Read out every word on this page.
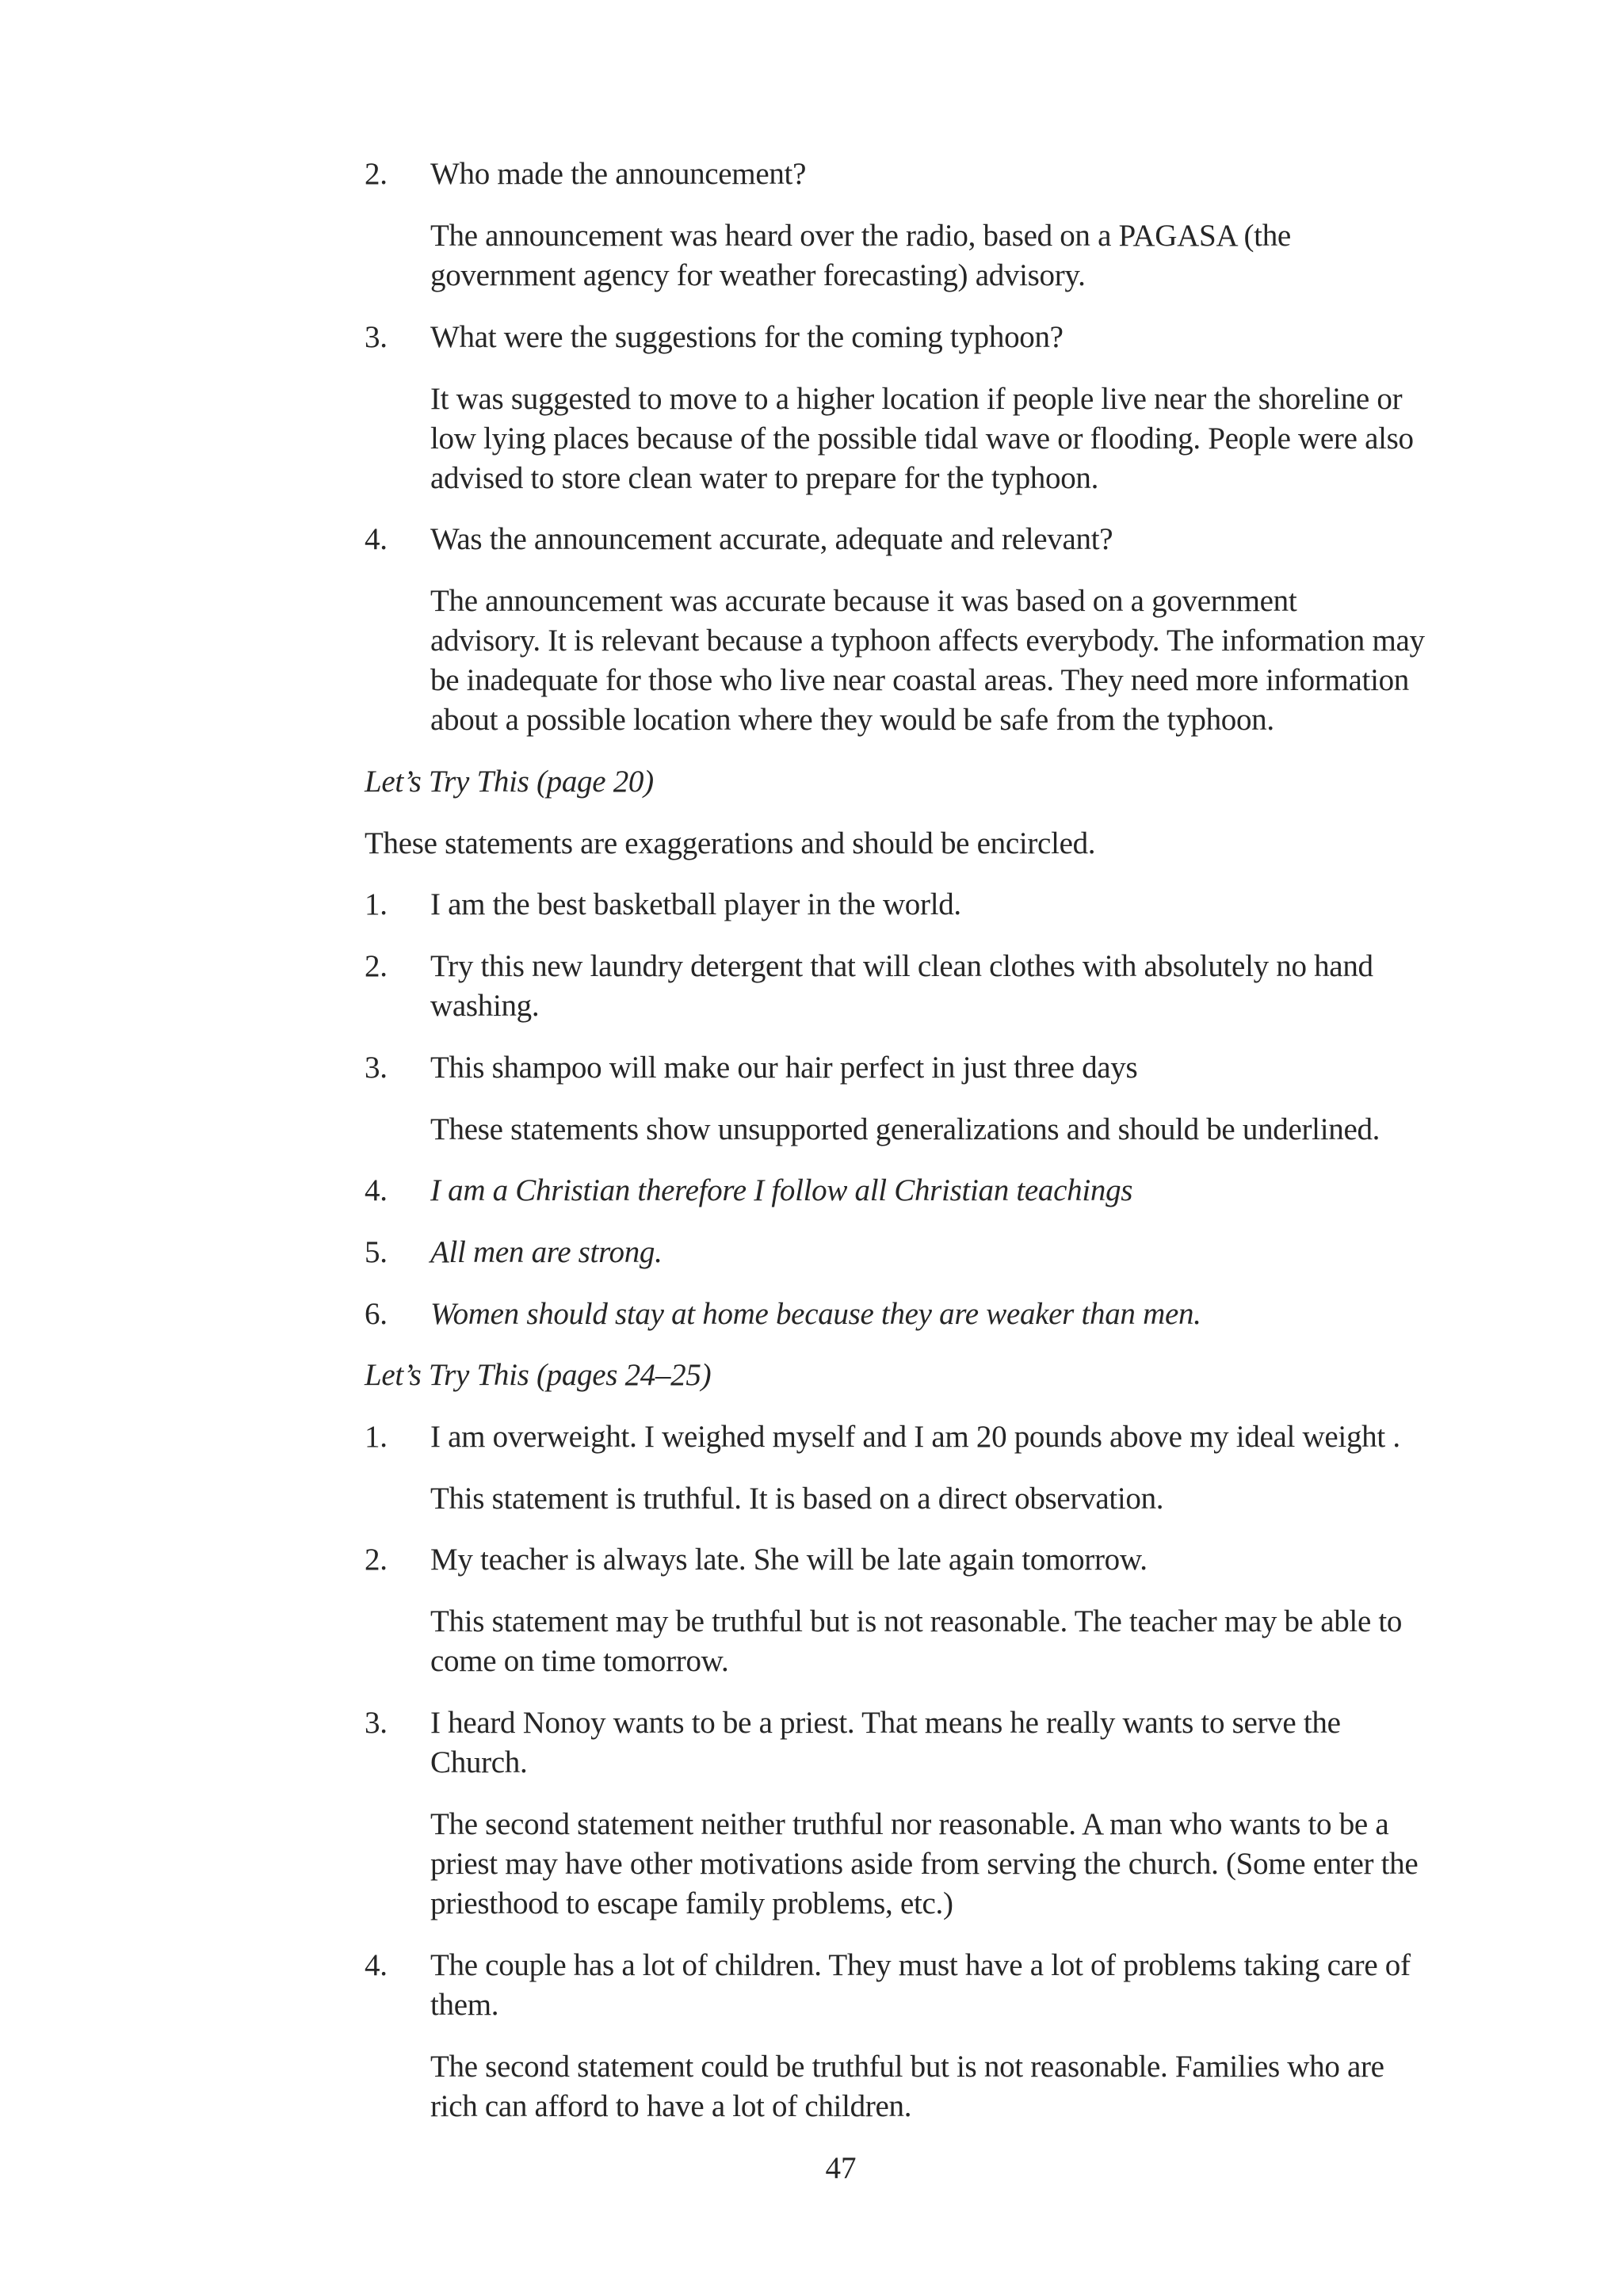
2. Who made the announcement?
The announcement was heard over the radio, based on a PAGASA (the
government agency for weather forecasting) advisory.
3. What were the suggestions for the coming typhoon?
It was suggested to move to a higher location if people live near the shoreline or
low lying places because of the possible tidal wave or flooding. People were also
advised to store clean water to prepare for the typhoon.
4. Was the announcement accurate, adequate and relevant?
The announcement was accurate because it was based on a government
advisory. It is relevant because a typhoon affects everybody. The information may
be inadequate for those who live near coastal areas. They need more information
about a possible location where they would be safe from the typhoon.
Let’s Try This (page 20)
These statements are exaggerations and should be encircled.
1. I am the best basketball player in the world.
2. Try this new laundry detergent that will clean clothes with absolutely no hand
washing.
3. This shampoo will make our hair perfect in just three days
These statements show unsupported generalizations and should be underlined.
4. I am a Christian therefore I follow all Christian teachings
5. All men are strong.
6. Women should stay at home because they are weaker than men.
Let’s Try This (pages 24–25)
1. I am overweight. I weighed myself and I am 20 pounds above my ideal weight .
This statement is truthful. It is based on a direct observation.
2. My teacher is always late. She will be late again tomorrow.
This statement may be truthful but is not reasonable. The teacher may be able to
come on time tomorrow.
3. I heard Nonoy wants to be a priest. That means he really wants to serve the
Church.
The second statement neither truthful nor reasonable. A man who wants to be a
priest may have other motivations aside from serving the church. (Some enter the
priesthood to escape family problems, etc.)
4. The couple has a lot of children. They must have a lot of problems taking care of
them.
The second statement could be truthful but is not reasonable. Families who are
rich can afford to have a lot of children.
47
